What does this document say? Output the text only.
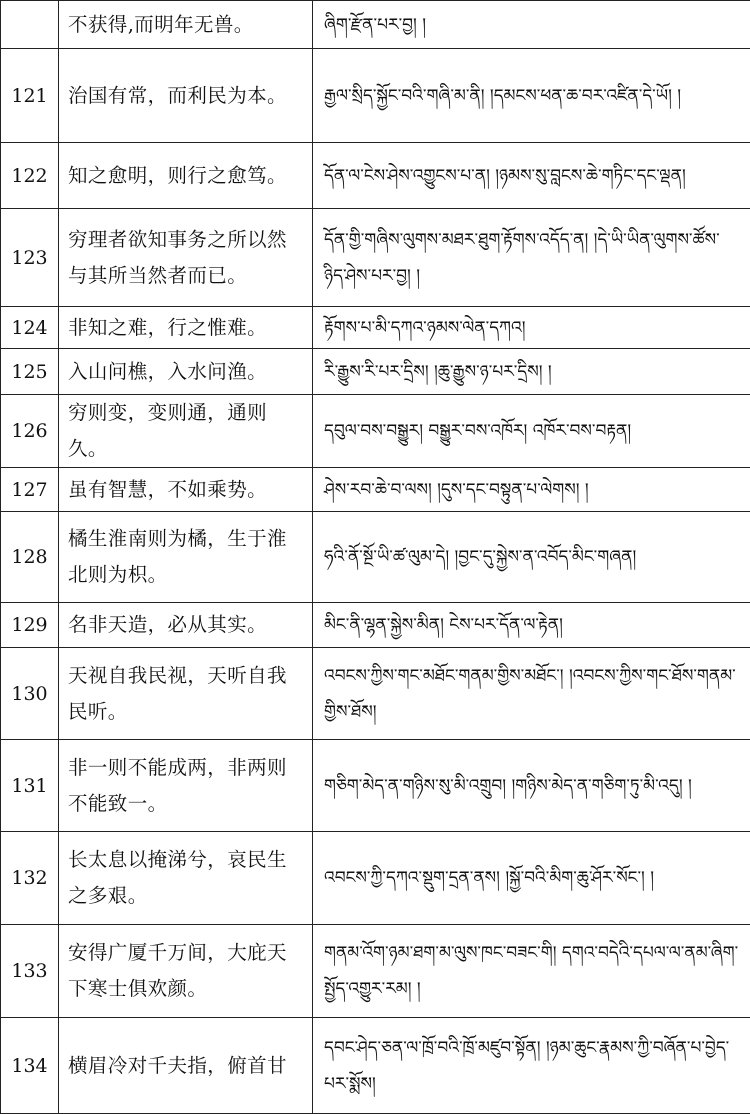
	不获得,而明年无兽。	ཞིག་རྫོན་པར་བྱ། །
121	治国有常，而利民为本。	རྒྱལ་སྲིད་སྐྱོང་བའི་གཞི་མ་ནི། །དམངས་ཕན་ཆ་བར་འཛིན་དེ་ཡོ། །
122	知之愈明，则行之愈笃。	དོན་ལ་ངེས་ཤེས་འགྱུངས་པ་ན། །ཉམས་སུ་བླངས་ཆེ་གཏིང་དང་ལྡན།
123	穷理者欲知事务之所以然与其所当然者而已。	དོན་གྱི་གཞིས་ལུགས་མཐར་ཐུག་རྟོགས་འདོད་ན། །དེ་ཡི་ཡིན་ལུགས་ཚོས་ཉིད་ཤེས་པར་བྱ། །
124	非知之难，行之惟难。	རྟོགས་པ་མི་དཀའ་ཉམས་ལེན་དཀའ།
125	入山问樵，入水问渔。	རི་རྒྱུས་རི་པར་དྲིས། །ཆུ་རྒྱུས་ཉ་པར་དྲིས། །
126	穷则变，变则通，通则久。	དབུལ་བས་བསྒྱུར། བསྒྱུར་བས་འཁོར། འཁོར་བས་བརྟན།
127	虽有智慧，不如乘势。	ཤེས་རབ་ཆེ་བ་ལས། །དུས་དང་བསྟུན་པ་ལེགས། །
128	橘生淮南则为橘，生于淮北则为枳。	ཧའི་ནོ་སྔོ་ཡི་ཚ་ལུམ་དེ། །བྱང་དུ་སྐྱེས་ན་འབོད་མིང་གཞན།
129	名非天造，必从其实。	མིང་ནི་ལྷན་སྐྱེས་མིན། ངེས་པར་དོན་ལ་རྟེན།
130	天视自我民视，天听自我民听。	འབངས་ཀྱིས་གང་མཐོང་གནམ་གྱིས་མཐོང་། །འབངས་ཀྱིས་གང་ཐོས་གནམ་གྱིས་ཐོས།
131	非一则不能成两，非两则不能致一。	གཅིག་མེད་ན་གཉིས་སུ་མི་འགྲུབ། །གཉིས་མེད་ན་གཅིག་ཏུ་མི་འདུ། །
132	长太息以掩涕兮，哀民生之多艰。	འབངས་ཀྱི་དཀའ་སྡུག་དྲན་ནས། །སྐྱོ་བའི་མིག་ཆུ་ཤོར་སོང་། །
133	安得广厦千万间，大庇天下寒士俱欢颜。	གནམ་འོག་ཉམ་ཐག་མ་ལུས་ཁང་བཟང་གི། དགའ་བདེའི་དཔལ་ལ་ནམ་ཞིག་སྤྱོད་འགྱུར་རམ། །
134	横眉冷对千夫指，俯首甘	དབང་ཤེད་ཅན་ལ་ཁྲོ་བའི་ཁྲོ་མཛུབ་སྟོན། །ཉམ་ཆུང་རྣམས་ཀྱི་བཞོན་པ་བྱེད་པར་སྨོས།
